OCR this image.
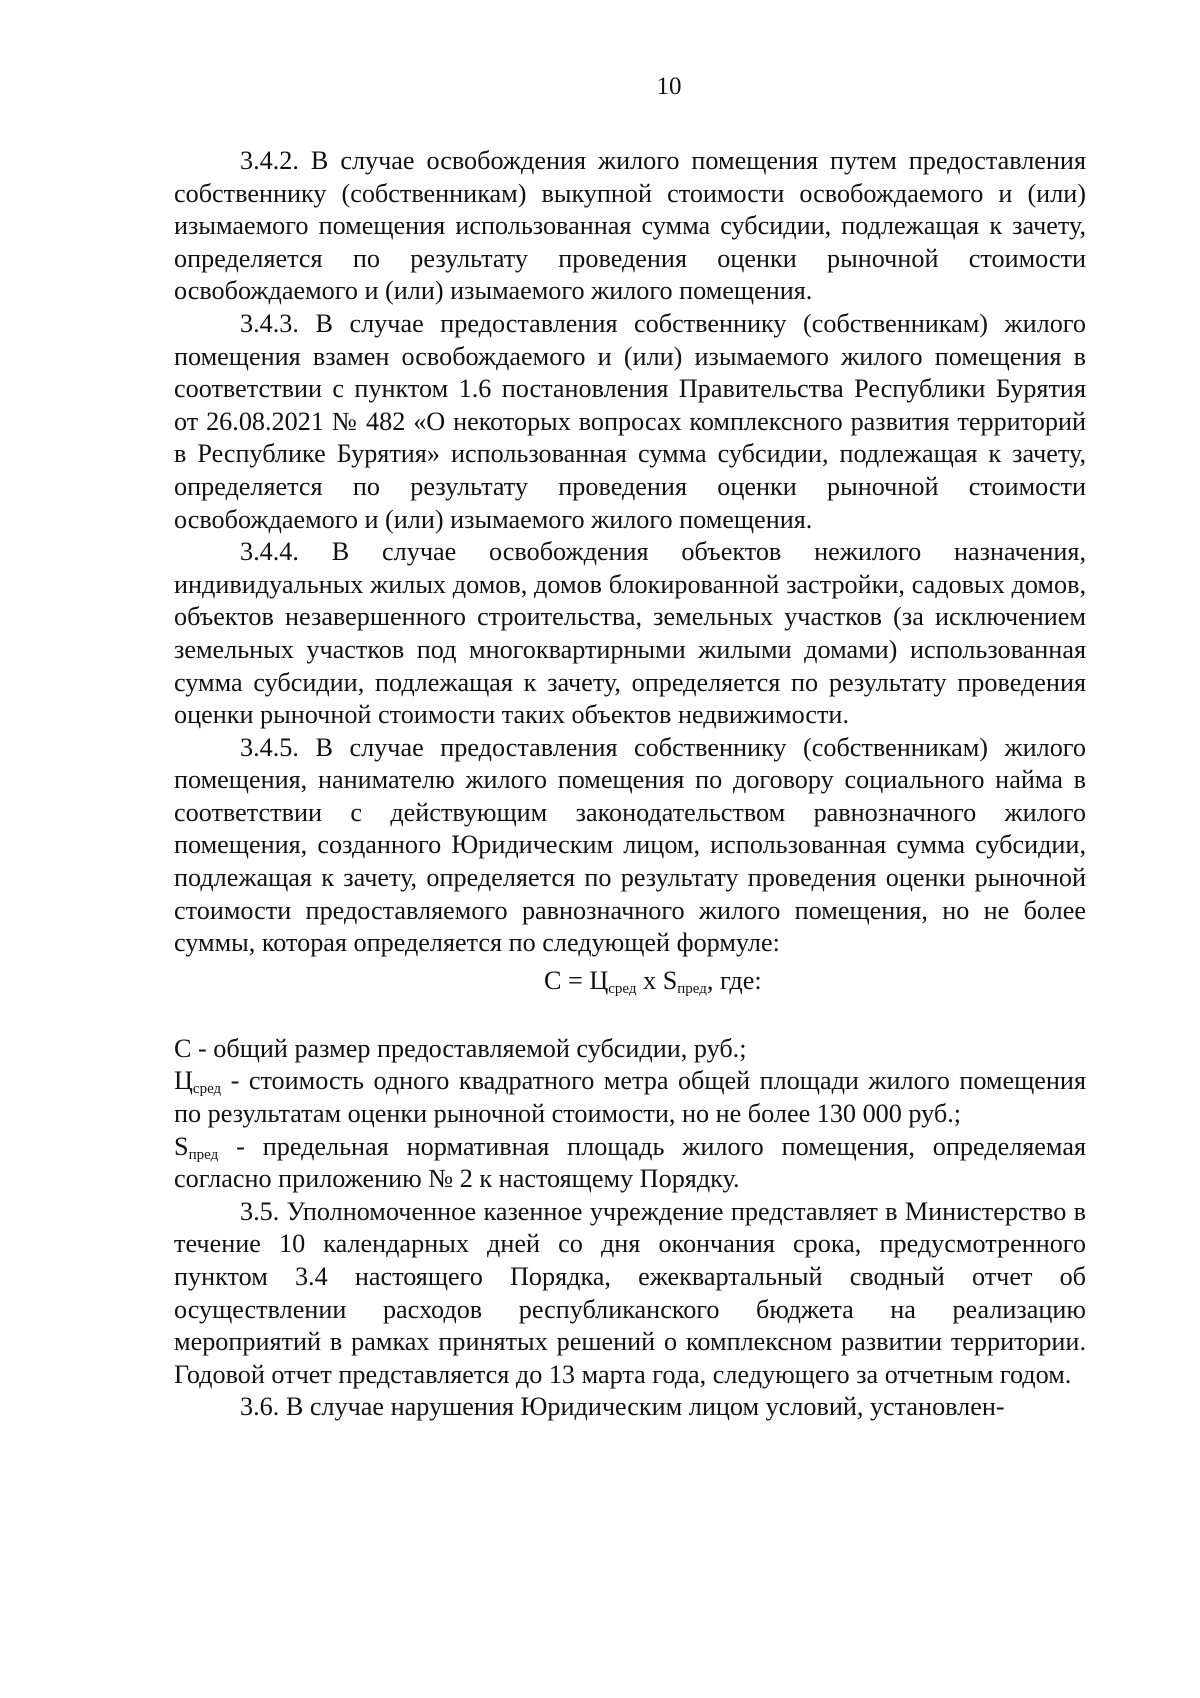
10

3.4.2. В случае освобождения жилого помещения путем предоставления собственнику (собственникам) выкупной стоимости освобождаемого и (или) изымаемого помещения использованная сумма субсидии, подлежащая к зачету, определяется по результату проведения оценки рыночной стоимости освобождаемого и (или) изымаемого жилого помещения.

3.4.3. В случае предоставления собственнику (собственникам) жилого помещения взамен освобождаемого и (или) изымаемого жилого помещения в соответствии с пунктом 1.6 постановления Правительства Республики Бурятия от 26.08.2021 № 482 «О некоторых вопросах комплексного развития территорий в Республике Бурятия» использованная сумма субсидии, подлежащая к зачету, определяется по результату проведения оценки рыночной стоимости освобождаемого и (или) изымаемого жилого помещения.

3.4.4. В случае освобождения объектов нежилого назначения, индивидуальных жилых домов, домов блокированной застройки, садовых домов, объектов незавершенного строительства, земельных участков (за исключением земельных участков под многоквартирными жилыми домами) использованная сумма субсидии, подлежащая к зачету, определяется по результату проведения оценки рыночной стоимости таких объектов недвижимости.

3.4.5. В случае предоставления собственнику (собственникам) жилого помещения, нанимателю жилого помещения по договору социального найма в соответствии с действующим законодательством равнозначного жилого помещения, созданного Юридическим лицом, использованная сумма субсидии, подлежащая к зачету, определяется по результату проведения оценки рыночной стоимости предоставляемого равнозначного жилого помещения, но не более суммы, которая определяется по следующей формуле:

$С = Ц_{сред}$ х $S_{пред}$, где:

С - общий размер предоставляемой субсидии, руб.;

$Ц_{сред}$ - стоимость одного квадратного метра общей площади жилого помещения по результатам оценки рыночной стоимости, но не более 130 000 руб.;

$S_{пред}$ - предельная нормативная площадь жилого помещения, определяемая согласно приложению № 2 к настоящему Порядку.

3.5. Уполномоченное казенное учреждение представляет в Министерство в течение 10 календарных дней со дня окончания срока, предусмотренного пунктом 3.4 настоящего Порядка, ежеквартальный сводный отчет об осуществлении расходов республиканского бюджета на реализацию мероприятий в рамках принятых решений о комплексном развитии территории. Годовой отчет представляется до 13 марта года, следующего за отчетным годом.

3.6. В случае нарушения Юридическим лицом условий, установлен-
